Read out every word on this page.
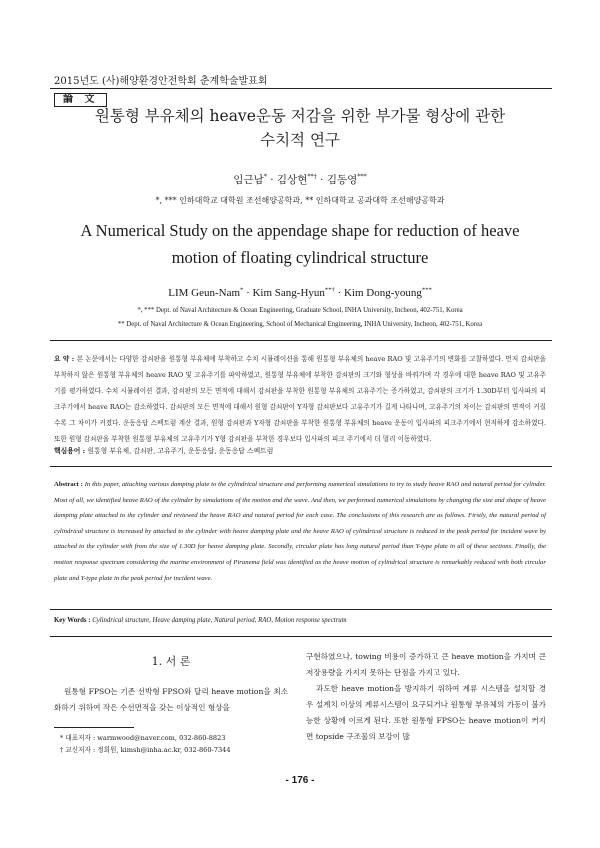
2015년도 (사)해양환경안전학회 춘계학술발표회
論 文
원통형 부유체의 heave운동 저감을 위한 부가물 형상에 관한
수치적 연구
임근남* · 김상현**† · 김동영***
*, *** 인하대학교 대학원 조선해양공학과, ** 인하대학교 공과대학 조선해양공학과
A Numerical Study on the appendage shape for reduction of heave
motion of floating cylindrical structure
LIM Geun-Nam* · Kim Sang-Hyun**† · Kim Dong-young***
*, *** Dept. of Naval Architecture & Ocean Engineering, Graduate School, INHA University, Incheon, 402-751, Korea
** Dept. of Naval Architecture & Ocean Engineering, School of Mechanical Engineering, INHA University, Incheon, 402-751, Korea
요 약 : 본 논문에서는 다양한 감쇠판을 원통형 부유체에 부착하고 수치 시뮬레이션을 통해 원통형 부유체의 heave RAO 및 고유주기의 변화를 고찰하였다. 먼저 감쇠판을 부착하지 않은 원통형 부유체의 heave RAO 및 고유주기를 파악하였고, 원통형 부유체에 부착한 감쇠판의 크기와 형상을 바꿔가며 각 경우에 대한 heave RAO 및 고유주기를 평가하였다. 수치 시뮬레이션 결과, 감쇠판의 모든 면적에 대해서 감쇠판을 부착한 원통형 부유체의 고유주기는 증가하였고, 감쇠판의 크기가 1.30D부터 입사파의 피크주기에서 heave RAO는 감소하였다. 감쇠판의 모든 면적에 대해서 원형 감쇠판이 Y자형 감쇠판보다 고유주기가 길게 나타나며, 고유주기의 차이는 감쇠판의 면적이 커질수록 그 차이가 커졌다. 운동응답 스펙트럼 계산 결과, 원형 감쇠판과 Y자형 감쇠판을 부착한 원통형 부유체의 heave 운동이 입사파의 피크주기에서 현저하게 감소하였다. 또한 원형 감쇠판을 부착한 원통형 부유체의 고유주기가 Y형 감쇠판을 부착한 경우보다 입사파의 피크 주기에서 더 멀리 이동하였다.
핵심용어 : 원통형 부유체, 감쇠판, 고유주기, 운동응답, 운동응답 스펙트럼
Abstract : In this paper, attaching various damping plate to the cylindrical structure and performing numerical simulations to try to study heave RAO and natural period for cylinder. Most of all, we identified heave RAO of the cylinder by simulations of the motion and the wave. And then, we performed numerical simulations by changing the size and shape of heave damping plate attached to the cylinder and reviewed the heave RAO and natural period for each case. The conclusions of this research are as follows. Firstly, the natural period of cylindrical structure is increased by attached to the cylinder with heave damping plate and the heave RAO of cylindrical structure is reduced in the peak period for incident wave by attached to the cylinder with from the size of 1.30D for heave damping plate. Secondly, circular plate has long natural period than Y-type plate in all of these sections. Finally, the motion response spectrum considering the marine environment of Piranema field was identified as the heave motion of cylindrical structure is remarkably reduced with both circular plate and Y-type plate in the peak period for incident wave.
Key Words : Cylindrical structure, Heave damping plate, Natural period, RAO, Motion response spectrum
1. 서 론
원통형 FPSO는 기존 선박형 FPSO와 달리 heave motion을 최소화하기 위하여 작은 수선면적을 갖는 이상적인 형상을

구현하였으나, towing 비용이 증가하고 큰 heave motion을 가지며 큰 저장용량을 가지지 못하는 단점을 가지고 있다.

과도한 heave motion을 방지하기 위하여 계류 시스템을 설치할 경우 설계치 이상의 계류시스템이 요구되거나 원통형 부유체의 가동이 불가능한 상황에 이르게 된다. 또한 원통형 FPSO는 heave motion이 커지면 topside 구조물의 보강이 많

* 대표저자 : warmwood@naver.com, 032-860-8823
† 교신저자 : 정회원, kimsh@inha.ac.kr, 032-860-7344
- 176 -
